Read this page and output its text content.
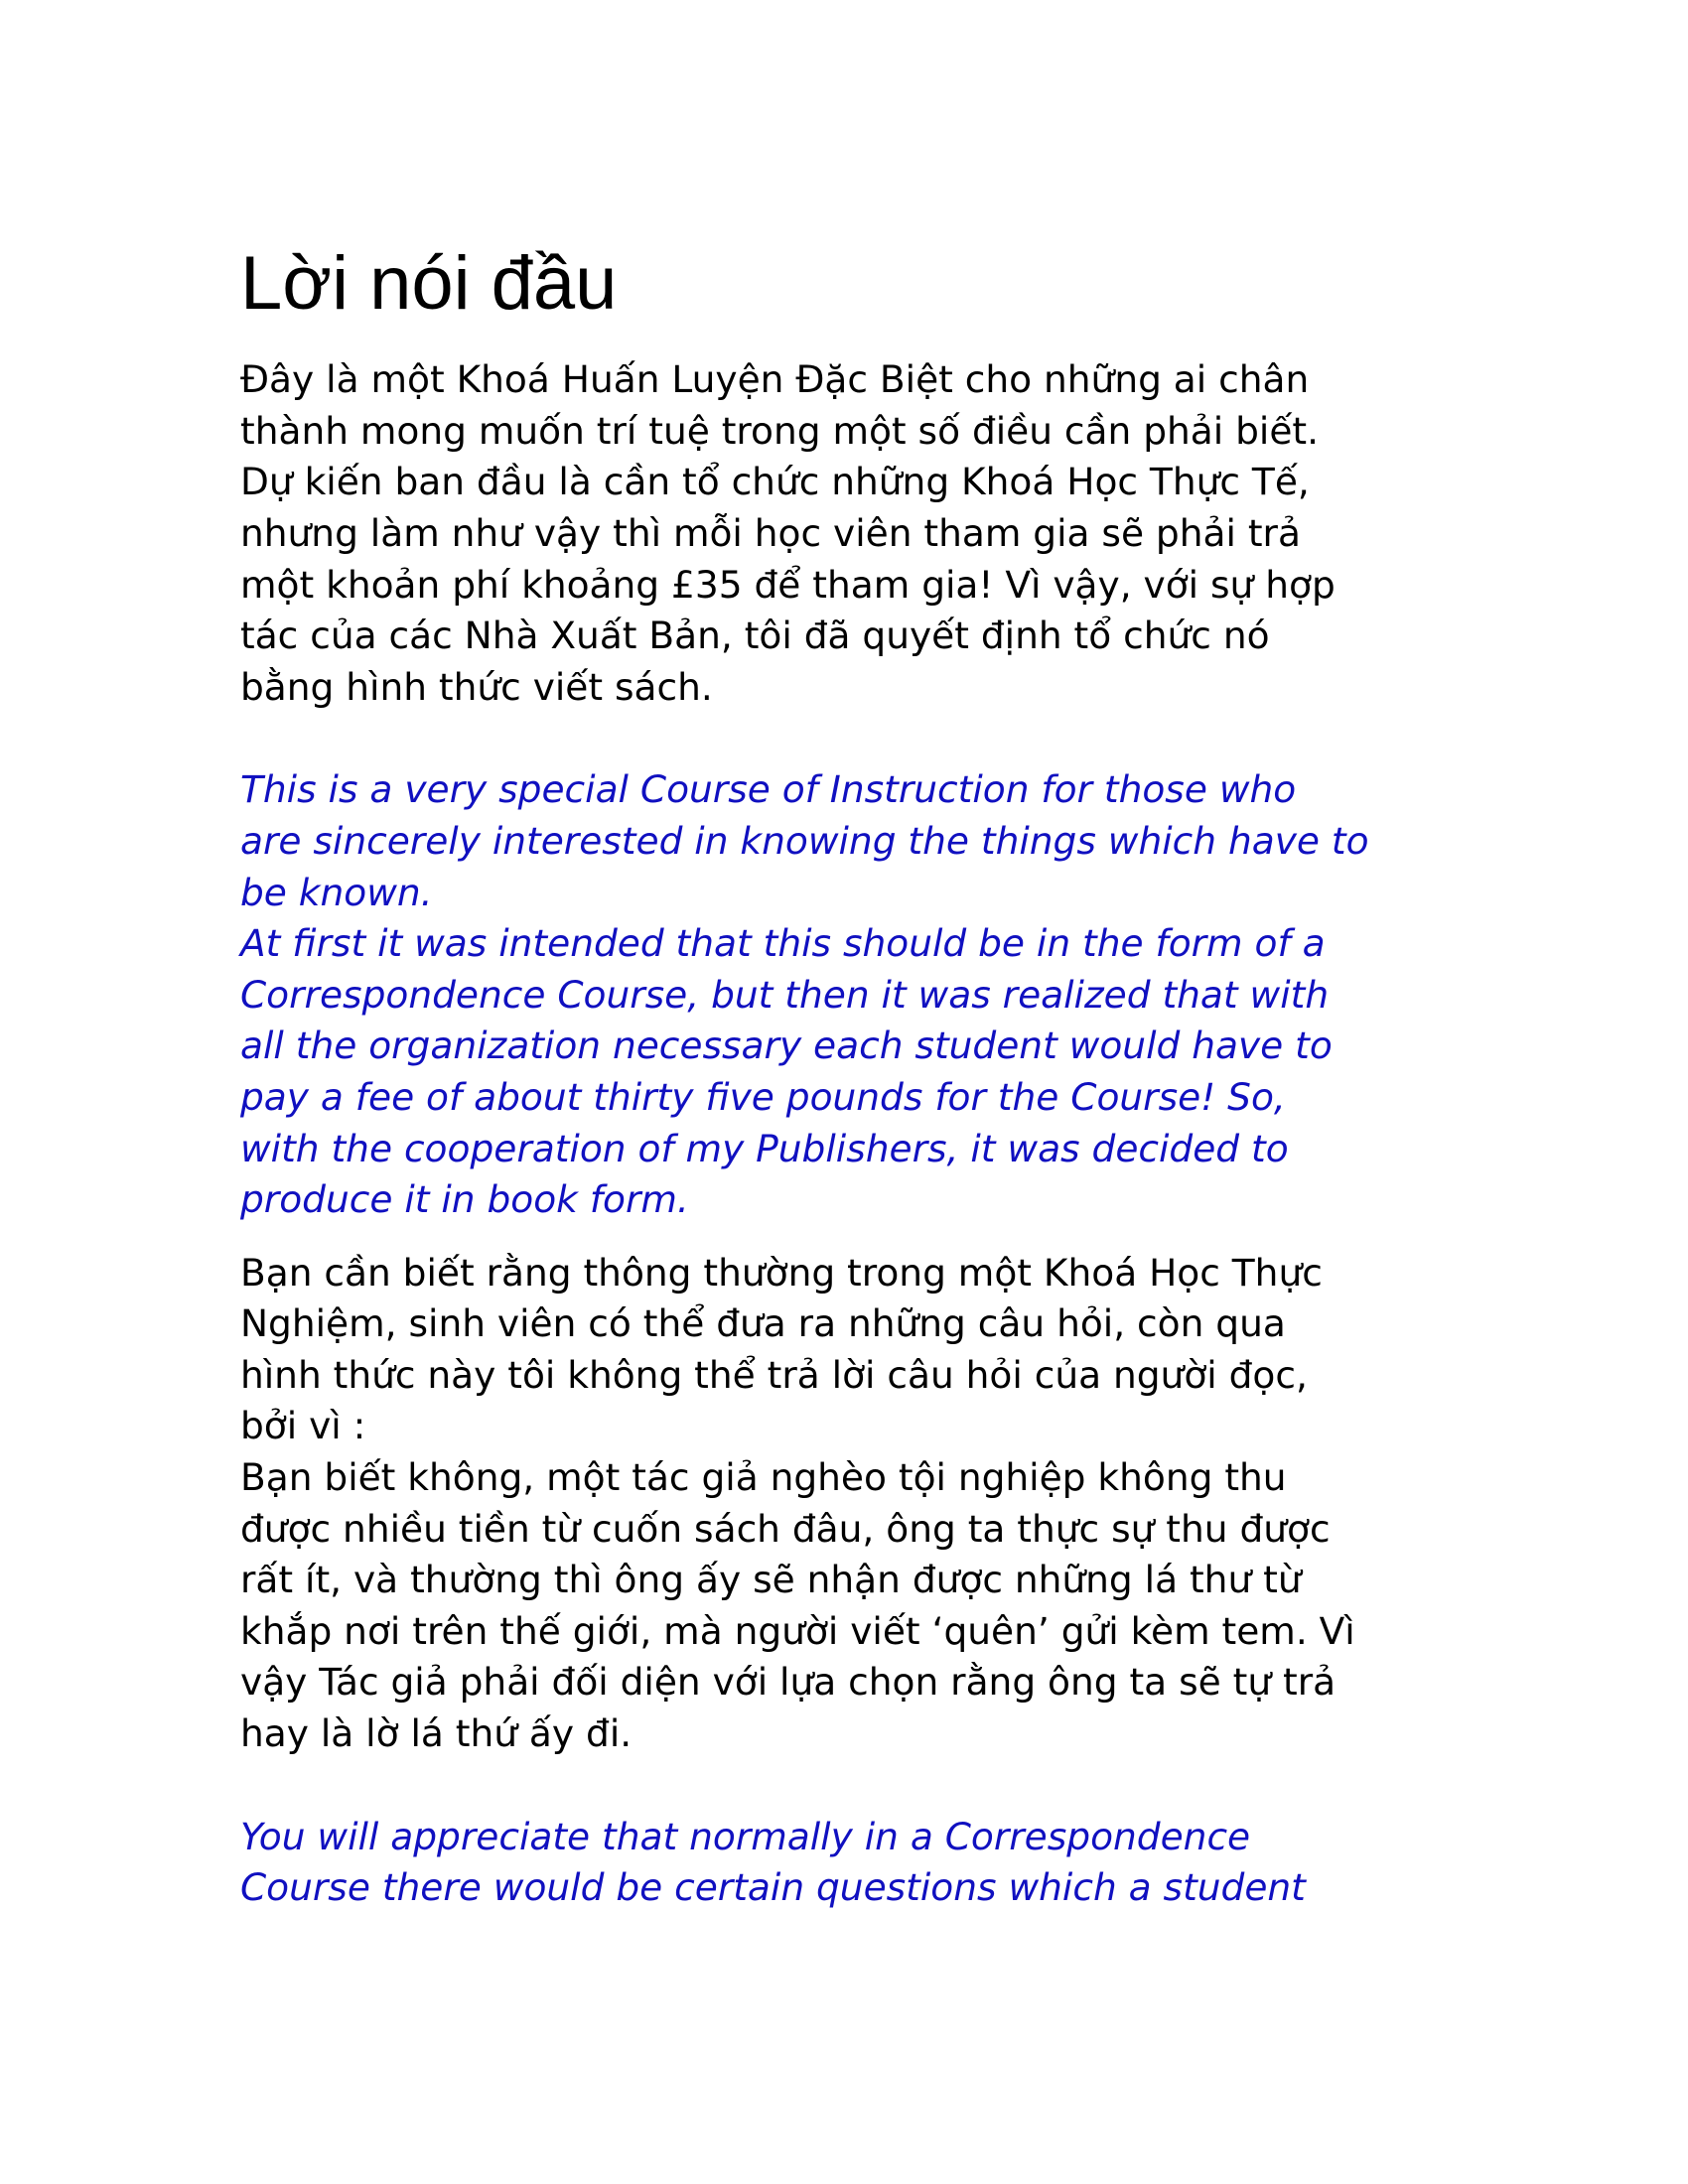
Lời nói đầu
Đây là một Khoá Huấn Luyện Đặc Biệt cho những ai chân
thành mong muốn trí tuệ trong một số điều cần phải biết.
Dự kiến ban đầu là cần tổ chức những Khoá Học Thực Tế,
nhưng làm như vậy thì mỗi học viên tham gia sẽ phải trả
một khoản phí khoảng £35 để tham gia! Vì vậy, với sự hợp
tác của các Nhà Xuất Bản, tôi đã quyết định tổ chức nó
bằng hình thức viết sách.
This is a very special Course of Instruction for those who
are sincerely interested in knowing the things which have to
be known.
At first it was intended that this should be in the form of a
Correspondence Course, but then it was realized that with
all the organization necessary each student would have to
pay a fee of about thirty five pounds for the Course! So,
with the cooperation of my Publishers, it was decided to
produce it in book form.
Bạn cần biết rằng thông thường trong một Khoá Học Thực
Nghiệm, sinh viên có thể đưa ra những câu hỏi, còn qua
hình thức này tôi không thể trả lời câu hỏi của người đọc,
bởi vì :
Bạn biết không, một tác giả nghèo tội nghiệp không thu
được nhiều tiền từ cuốn sách đâu, ông ta thực sự thu được
rất ít, và thường thì ông ấy sẽ nhận được những lá thư từ
khắp nơi trên thế giới, mà người viết ‘quên’ gửi kèm tem. Vì
vậy Tác giả phải đối diện với lựa chọn rằng ông ta sẽ tự trả
hay là lờ lá thứ ấy đi.
You will appreciate that normally in a Correspondence
Course there would be certain questions which a student
